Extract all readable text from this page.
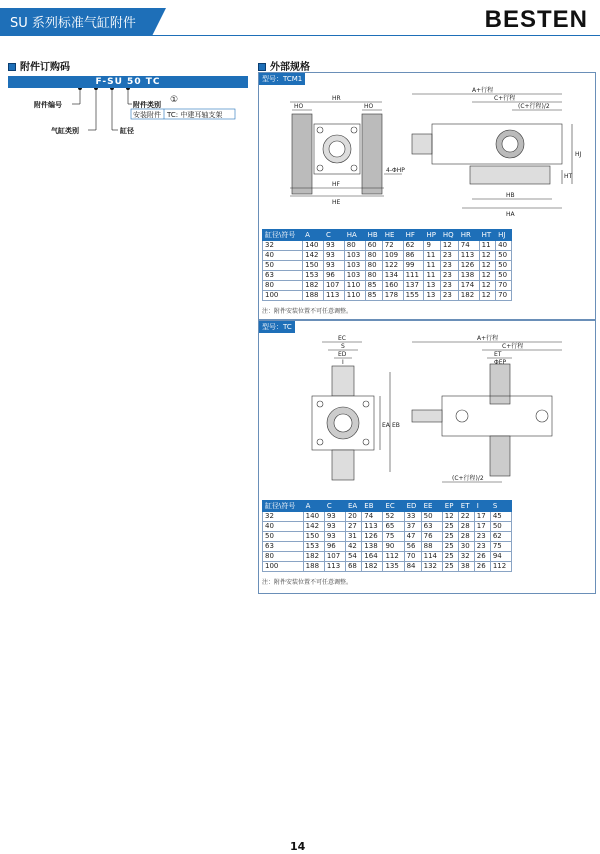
SU 系列标准气缸附件	BESTEN
附件订购码
F-SU 50 TC
附件编号
气缸类别	缸径
附件类别 ①
安装附件 TC: 中建耳轴支架
外部规格
型号：TCM1
HR
HO	HO
HF
HE
4-ΦHP
A+行程
C+行程
(C+行程)/2
HB
HA
HJ
HT
缸径\符号	A	C	HA	HB	HE	HF	HP	HQ	HR	HT	HJ
32	140	93	80	60	72	62	9	12	74	11	40
40	142	93	103	80	109	86	11	23	113	12	50
50	150	93	103	80	122	99	11	23	126	12	50
63	153	96	103	80	134	111	11	23	138	12	50
80	182	107	110	85	160	137	13	23	174	12	70
100	188	113	110	85	178	155	13	23	182	12	70
注：附件安装位置不可任意调整。
型号：TC
EC
S
ED
I
EA EB
A+行程
C+行程
ET
ΦEP
(C+行程)/2
缸径\符号	A	C	EA	EB	EC	ED	EE	EP	ET	I	S
32	140	93	20	74	52	33	50	12	22	17	45
40	142	93	27	113	65	37	63	25	28	17	50
50	150	93	31	126	75	47	76	25	28	23	62
63	153	96	42	138	90	56	88	25	30	23	75
80	182	107	54	164	112	70	114	25	32	26	94
100	188	113	68	182	135	84	132	25	38	26	112
注：附件安装位置不可任意调整。
14
